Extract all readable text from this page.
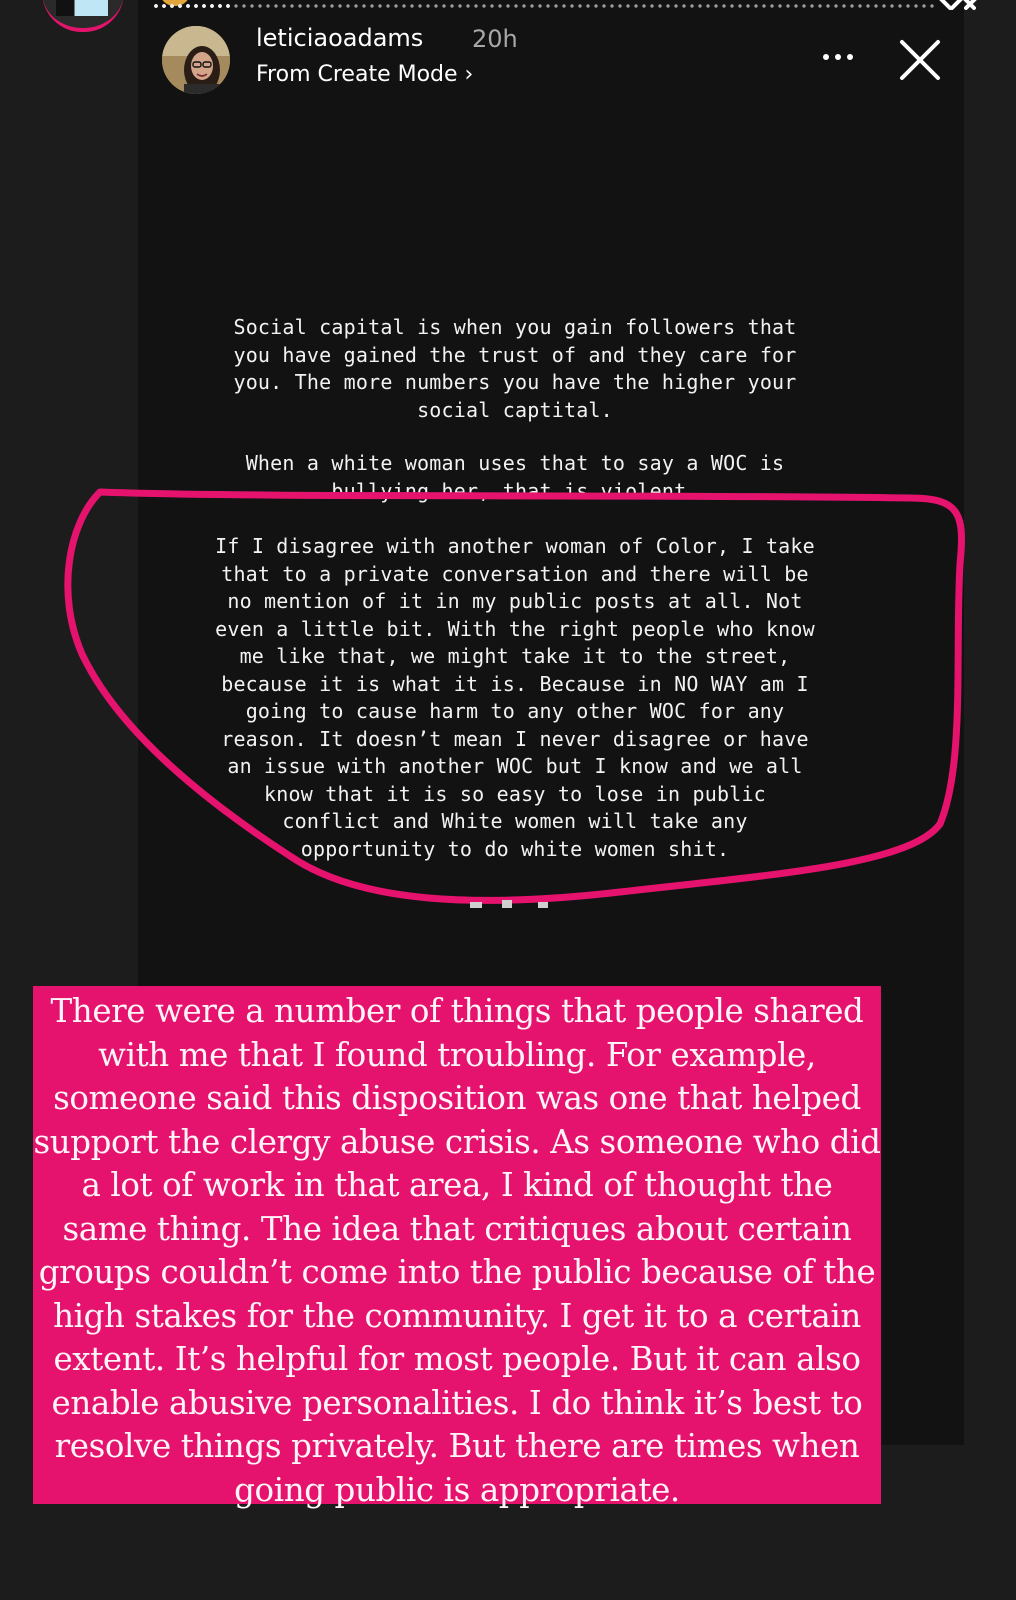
leticiaoadams 20h
From Create Mode ›
Social capital is when you gain followers that
you have gained the trust of and they care for
you. The more numbers you have the higher your
social captital.
When a white woman uses that to say a WOC is
bullying her, that is violent.
If I disagree with another woman of Color, I take
that to a private conversation and there will be
no mention of it in my public posts at all. Not
even a little bit. With the right people who know
me like that, we might take it to the street,
because it is what it is. Because in NO WAY am I
going to cause harm to any other WOC for any
reason. It doesn’t mean I never disagree or have
an issue with another WOC but I know and we all
know that it is so easy to lose in public
conflict and White women will take any
opportunity to do white women shit.
There were a number of things that people shared
with me that I found troubling. For example,
someone said this disposition was one that helped
support the clergy abuse crisis. As someone who did
a lot of work in that area, I kind of thought the
same thing. The idea that critiques about certain
groups couldn’t come into the public because of the
high stakes for the community. I get it to a certain
extent. It’s helpful for most people. But it can also
enable abusive personalities. I do think it’s best to
resolve things privately. But there are times when
going public is appropriate.
